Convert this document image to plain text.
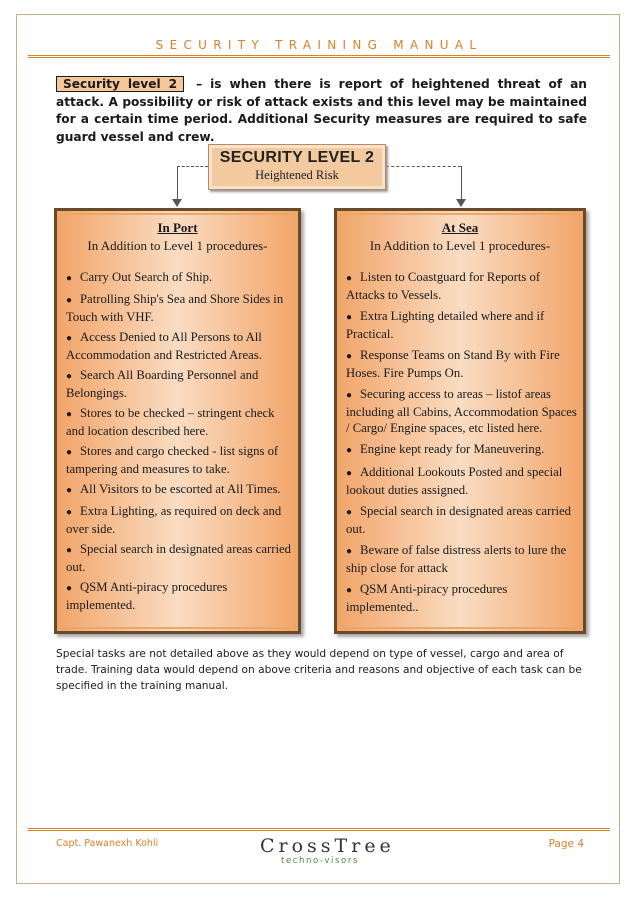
SECURITY TRAINING MANUAL
Security level 2 – is when there is report of heightened threat of an attack. A possibility or risk of attack exists and this level may be maintained for a certain time period. Additional Security measures are required to safe guard vessel and crew.
SECURITY LEVEL 2
Heightened Risk
In Port
In Addition to Level 1 procedures-
● Carry Out Search of Ship.
● Patrolling Ship's Sea and Shore Sides in Touch with VHF.
● Access Denied to All Persons to All Accommodation and Restricted Areas.
● Search All Boarding Personnel and Belongings.
● Stores to be checked – stringent check and location described here.
● Stores and cargo checked - list signs of tampering and measures to take.
● All Visitors to be escorted at All Times.
● Extra Lighting, as required on deck and over side.
● Special search in designated areas carried out.
● QSM Anti-piracy procedures implemented.
At Sea
In Addition to Level 1 procedures-
● Listen to Coastguard for Reports of Attacks to Vessels.
● Extra Lighting detailed where and if Practical.
● Response Teams on Stand By with Fire Hoses. Fire Pumps On.
● Securing access to areas – listof areas including all Cabins, Accommodation Spaces / Cargo/ Engine spaces, etc listed here.
● Engine kept ready for Maneuvering.
● Additional Lookouts Posted and special lookout duties assigned.
● Special search in designated areas carried out.
● Beware of false distress alerts to lure the ship close for attack
● QSM Anti-piracy procedures implemented..
Special tasks are not detailed above as they would depend on type of vessel, cargo and area of trade. Training data would depend on above criteria and reasons and objective of each task can be specified in the training manual.
Capt. Pawanexh Kohli	Page 4
CrossTree
techno-visors
